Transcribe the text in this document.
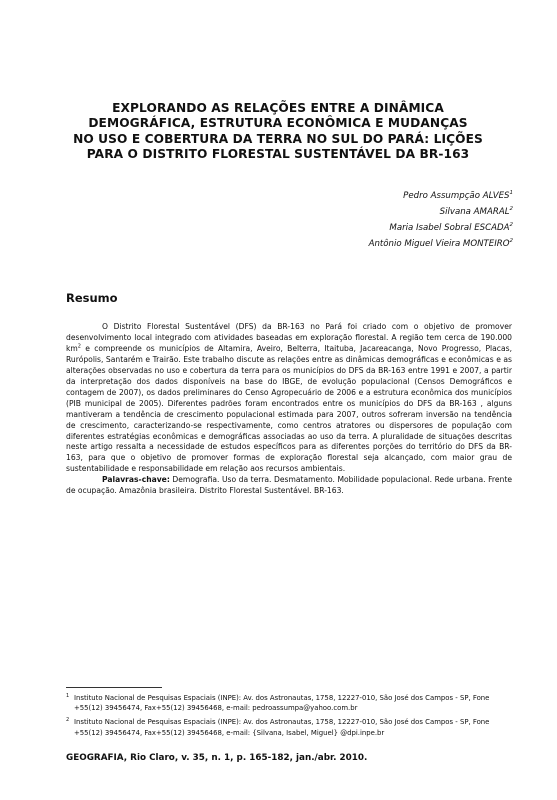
EXPLORANDO AS RELAÇÕES ENTRE A DINÂMICA
DEMOGRÁFICA, ESTRUTURA ECONÔMICA E MUDANÇAS
NO USO E COBERTURA DA TERRA NO SUL DO PARÁ: LIÇÕES
PARA O DISTRITO FLORESTAL SUSTENTÁVEL DA BR-163
Pedro Assumpção ALVES$^1$
Silvana AMARAL$^2$
Maria Isabel Sobral ESCADA$^2$
Antônio Miguel Vieira MONTEIRO$^2$
Resumo

O Distrito Florestal Sustentável (DFS) da BR-163 no Pará foi criado com o objetivo de promover desenvolvimento local integrado com atividades baseadas em exploração florestal. A região tem cerca de 190.000 $km^2$ e compreende os municípios de Altamira, Aveiro, Belterra, Itaituba, Jacareacanga, Novo Progresso, Placas, Rurópolis, Santarém e Trairão. Este trabalho discute as relações entre as dinâmicas demográficas e econômicas e as alterações observadas no uso e cobertura da terra para os municípios do DFS da BR-163 entre 1991 e 2007, a partir da interpretação dos dados disponíveis na base do IBGE, de evolução populacional (Censos Demográficos e contagem de 2007), os dados preliminares do Censo Agropecuário de 2006 e a estrutura econômica dos municípios (PIB municipal de 2005). Diferentes padrões foram encontrados entre os municípios do DFS da BR-163 , alguns mantiveram a tendência de crescimento populacional estimada para 2007, outros sofreram inversão na tendência de crescimento, caracterizando-se respectivamente, como centros atratores ou dispersores de população com diferentes estratégias econômicas e demográficas associadas ao uso da terra. A pluralidade de situações descritas neste artigo ressalta a necessidade de estudos específicos para as diferentes porções do território do DFS da BR-163, para que o objetivo de promover formas de exploração florestal seja alcançado, com maior grau de sustentabilidade e responsabilidade em relação aos recursos ambientais.

Palavras-chave: Demografia. Uso da terra. Desmatamento. Mobilidade populacional. Rede urbana. Frente de ocupação. Amazônia brasileira. Distrito Florestal Sustentável. BR-163.

1 Instituto Nacional de Pesquisas Espaciais (INPE): Av. dos Astronautas, 1758, 12227-010, São José dos Campos - SP, Fone +55(12) 39456474, Fax+55(12) 39456468, e-mail: pedroassumpa@yahoo.com.br
2 Instituto Nacional de Pesquisas Espaciais (INPE): Av. dos Astronautas, 1758, 12227-010, São José dos Campos - SP, Fone +55(12) 39456474, Fax+55(12) 39456468, e-mail: {Silvana, Isabel, Miguel} @dpi.inpe.br
GEOGRAFIA, Rio Claro, v. 35, n. 1, p. 165-182, jan./abr. 2010.
